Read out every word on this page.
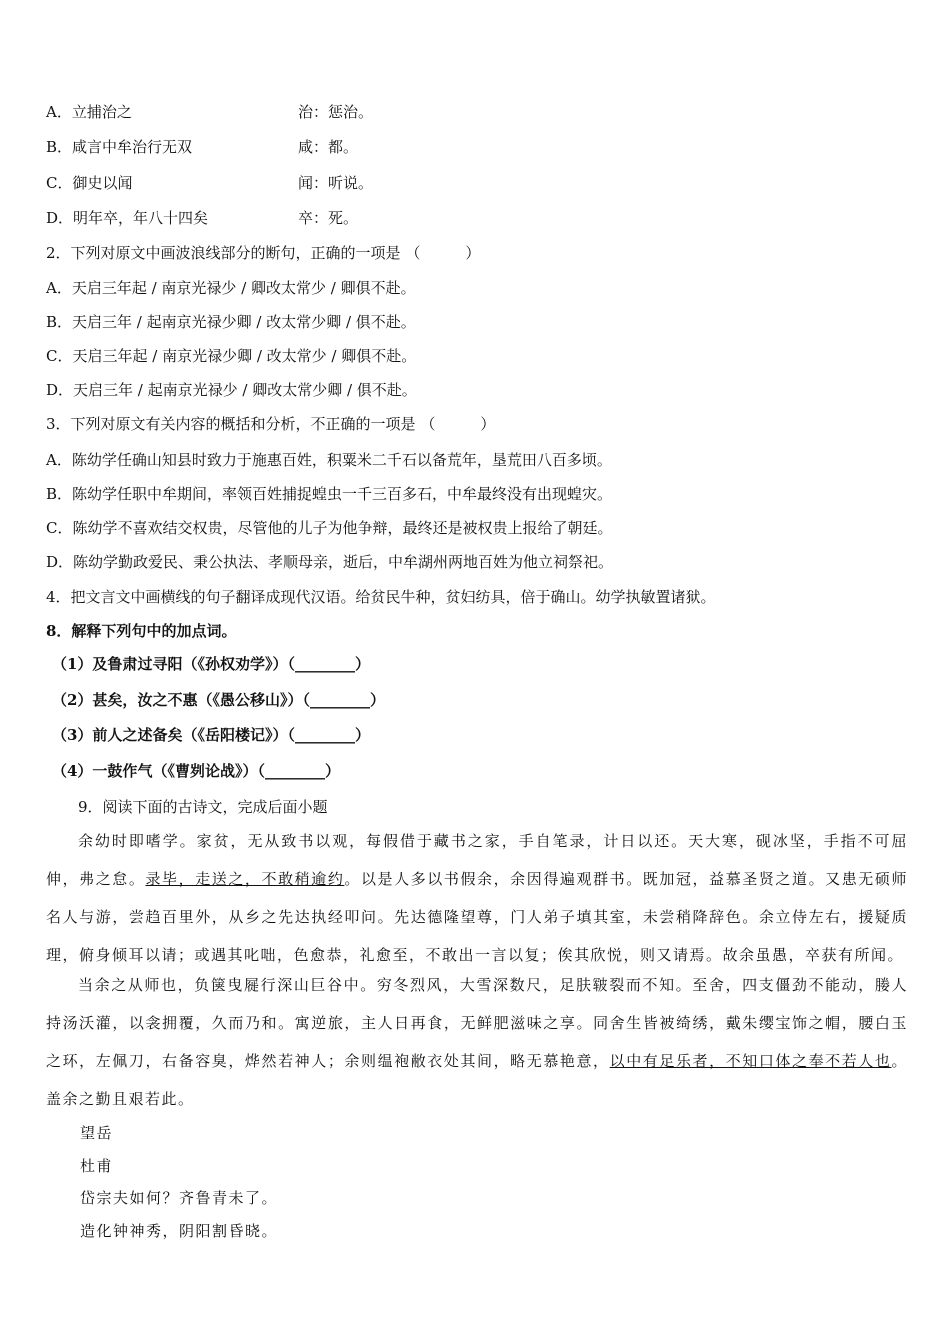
A．立捕治之	治：惩治。
B．咸言中牟治行无双	咸：都。
C．御史以闻	闻：听说。
D．明年卒，年八十四矣	卒：死。
2．下列对原文中画波浪线部分的断句，正确的一项是 （　　　）
A．天启三年起 / 南京光禄少 / 卿改太常少 / 卿俱不赴。
B．天启三年 / 起南京光禄少卿 / 改太常少卿 / 俱不赴。
C．天启三年起 / 南京光禄少卿 / 改太常少 / 卿俱不赴。
D．天启三年 / 起南京光禄少 / 卿改太常少卿 / 俱不赴。
3．下列对原文有关内容的概括和分析，不正确的一项是 （　　　）
A．陈幼学任确山知县时致力于施惠百姓，积粟米二千石以备荒年，垦荒田八百多顷。
B．陈幼学任职中牟期间，率领百姓捕捉蝗虫一千三百多石，中牟最终没有出现蝗灾。
C．陈幼学不喜欢结交权贵，尽管他的儿子为他争辩，最终还是被权贵上报给了朝廷。
D．陈幼学勤政爱民、秉公执法、孝顺母亲，逝后，中牟湖州两地百姓为他立祠祭祀。
4．把文言文中画横线的句子翻译成现代汉语。给贫民牛种，贫妇纺具，倍于确山。幼学执敏置诸狱。
8．解释下列句中的加点词。
（1）及鲁肃过寻阳（《孙权劝学》）（________）
（2）甚矣，汝之不惠（《愚公移山》）（________）
（3）前人之述备矣（《岳阳楼记》）（________）
（4）一鼓作气（《曹刿论战》）（________）
9．阅读下面的古诗文，完成后面小题
余幼时即嗜学。家贫，无从致书以观，每假借于藏书之家，手自笔录，计日以还。天大寒，砚冰坚，手指不可屈伸，弗之怠。录毕，走送之，不敢稍逾约。以是人多以书假余，余因得遍观群书。既加冠，益慕圣贤之道。又患无硕师名人与游，尝趋百里外，从乡之先达执经叩问。先达德隆望尊，门人弟子填其室，未尝稍降辞色。余立侍左右，援疑质理，俯身倾耳以请；或遇其叱咄，色愈恭，礼愈至，不敢出一言以复；俟其欣悦，则又请焉。故余虽愚，卒获有所闻。
当余之从师也，负箧曳屣行深山巨谷中。穷冬烈风，大雪深数尺，足肤皲裂而不知。至舍，四支僵劲不能动，媵人持汤沃灌，以衾拥覆，久而乃和。寓逆旅，主人日再食，无鲜肥滋味之享。同舍生皆被绮绣，戴朱缨宝饰之帽，腰白玉之环，左佩刀，右备容臭，烨然若神人；余则缊袍敝衣处其间，略无慕艳意，以中有足乐者，不知口体之奉不若人也。盖余之勤且艰若此。
望岳
杜甫
岱宗夫如何？齐鲁青未了。
造化钟神秀，阴阳割昏晓。
